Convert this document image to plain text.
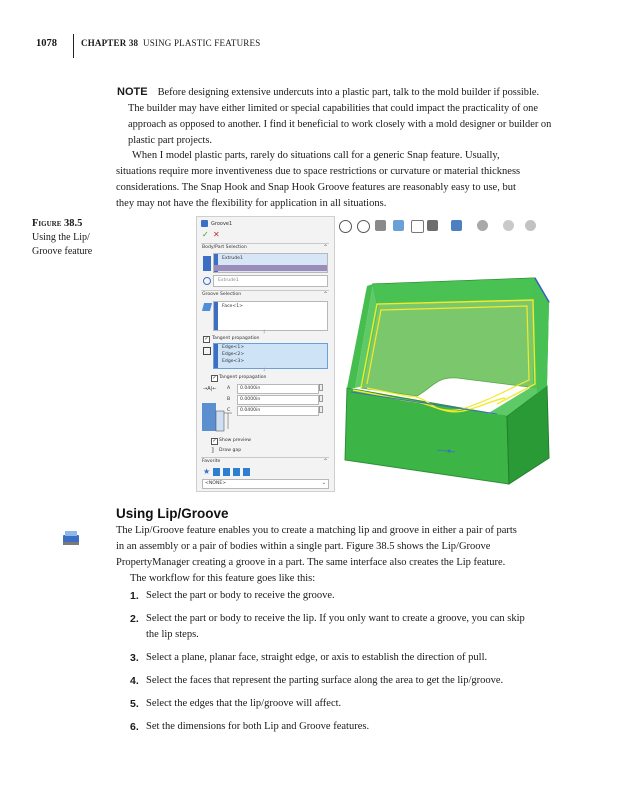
1078	CHAPTER 38 USING PLASTIC FEATURES
NOTE Before designing extensive undercuts into a plastic part, talk to the mold builder if possible.
The builder may have either limited or special capabilities that could impact the practicality of one
approach as opposed to another. I find it beneficial to work closely with a mold designer or builder on
plastic part projects.
When I model plastic parts, rarely do situations call for a generic Snap feature. Usually,
situations require more inventiveness due to space restrictions or curvature or material thickness
considerations. The Snap Hook and Snap Hook Groove features are reasonably easy to use, but
they may not have the flexibility for application in all situations.
Figure 38.5
Using the Lip/
Groove feature
Groove1
✓ ✕
Body/Part Selection	⌃
Extrude1
Extrude1
Groove Selection	⌃
Face<1>
‡
✓ Tangent propagation
Edge<1>
Edge<2>
Edge<3>
‡
✓ Tangent propagation
→A|← A 0.0400in
B 0.0000in
C 0.0400in
✓ Show preview
⟧ Draw gap
Favorite	⌃
★
<NONE>	⌄
Using Lip/Groove
The Lip/Groove feature enables you to create a matching lip and groove in either a pair of parts
in an assembly or a pair of bodies within a single part. Figure 38.5 shows the Lip/Groove
PropertyManager creating a groove in a part. The same interface also creates the Lip feature.
The workflow for this feature goes like this:
1. Select the part or body to receive the groove.
2. Select the part or body to receive the lip. If you only want to create a groove, you can skip
the lip steps.
3. Select a plane, planar face, straight edge, or axis to establish the direction of pull.
4. Select the faces that represent the parting surface along the area to get the lip/groove.
5. Select the edges that the lip/groove will affect.
6. Set the dimensions for both Lip and Groove features.
